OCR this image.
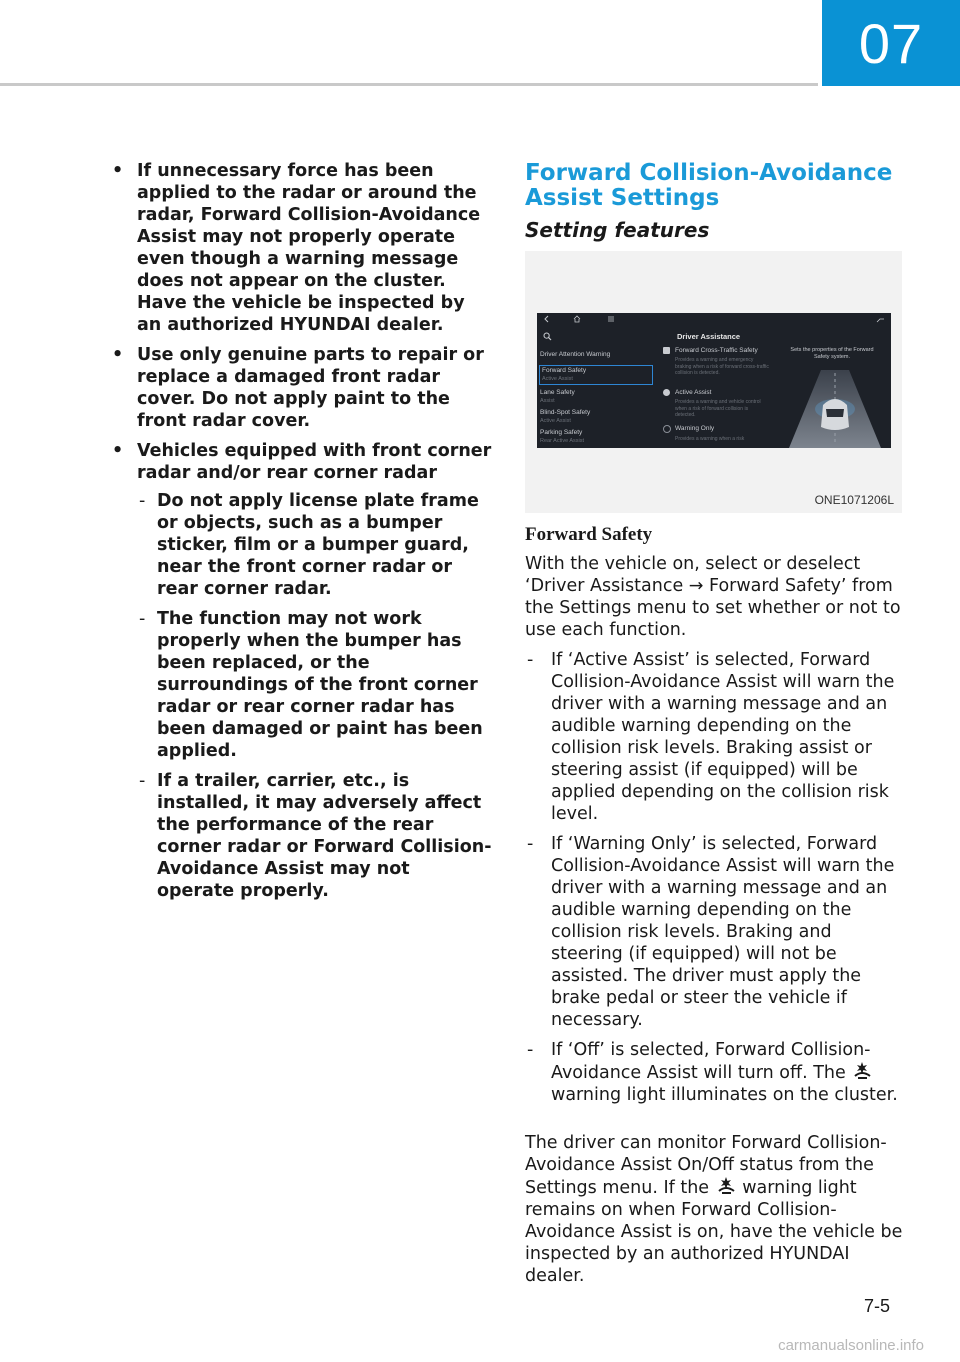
07
• If unnecessary force has been applied to the radar or around the radar, Forward Collision-Avoidance Assist may not properly operate even though a warning message does not appear on the cluster. Have the vehicle be inspected by an authorized HYUNDAI dealer.
• Use only genuine parts to repair or replace a damaged front radar cover. Do not apply paint to the front radar cover.
• Vehicles equipped with front corner radar and/or rear corner radar
- Do not apply license plate frame or objects, such as a bumper sticker, film or a bumper guard, near the front corner radar or rear corner radar.
- The function may not work properly when the bumper has been replaced, or the surroundings of the front corner radar or rear corner radar has been damaged or paint has been applied.
- If a trailer, carrier, etc., is installed, it may adversely affect the performance of the rear corner radar or Forward Collision-Avoidance Assist may not operate properly.
Forward Collision-Avoidance
Assist Settings
Setting features
Driver Assistance
Driver Attention Warning
Forward Safety
Active Assist
Lane Safety
Assist
Blind-Spot Safety
Active Assist
Parking Safety
Rear Active Assist
Forward Cross-Traffic Safety
Provides a warning and emergency braking when a risk of forward cross-traffic collision is detected.
Active Assist
Provides a warning and vehicle control when a risk of forward collision is detected.
Warning Only
Provides a warning when a risk
Sets the properties of the Forward Safety system.
ONE1071206L
Forward Safety
With the vehicle on, select or deselect ‘Driver Assistance → Forward Safety’ from the Settings menu to set whether or not to use each function.
- If ‘Active Assist’ is selected, Forward Collision-Avoidance Assist will warn the driver with a warning message and an audible warning depending on the collision risk levels. Braking assist or steering assist (if equipped) will be applied depending on the collision risk level.
- If ‘Warning Only’ is selected, Forward Collision-Avoidance Assist will warn the driver with a warning message and an audible warning depending on the collision risk levels. Braking and steering (if equipped) will not be assisted. The driver must apply the brake pedal or steer the vehicle if necessary.
- If ‘Off’ is selected, Forward Collision-Avoidance Assist will turn off. The  warning light illuminates on the cluster.
The driver can monitor Forward Collision-Avoidance Assist On/Off status from the Settings menu. If the warning light remains on when Forward Collision-Avoidance Assist is on, have the vehicle be inspected by an authorized HYUNDAI dealer.
7-5
carmanualsonline.info
